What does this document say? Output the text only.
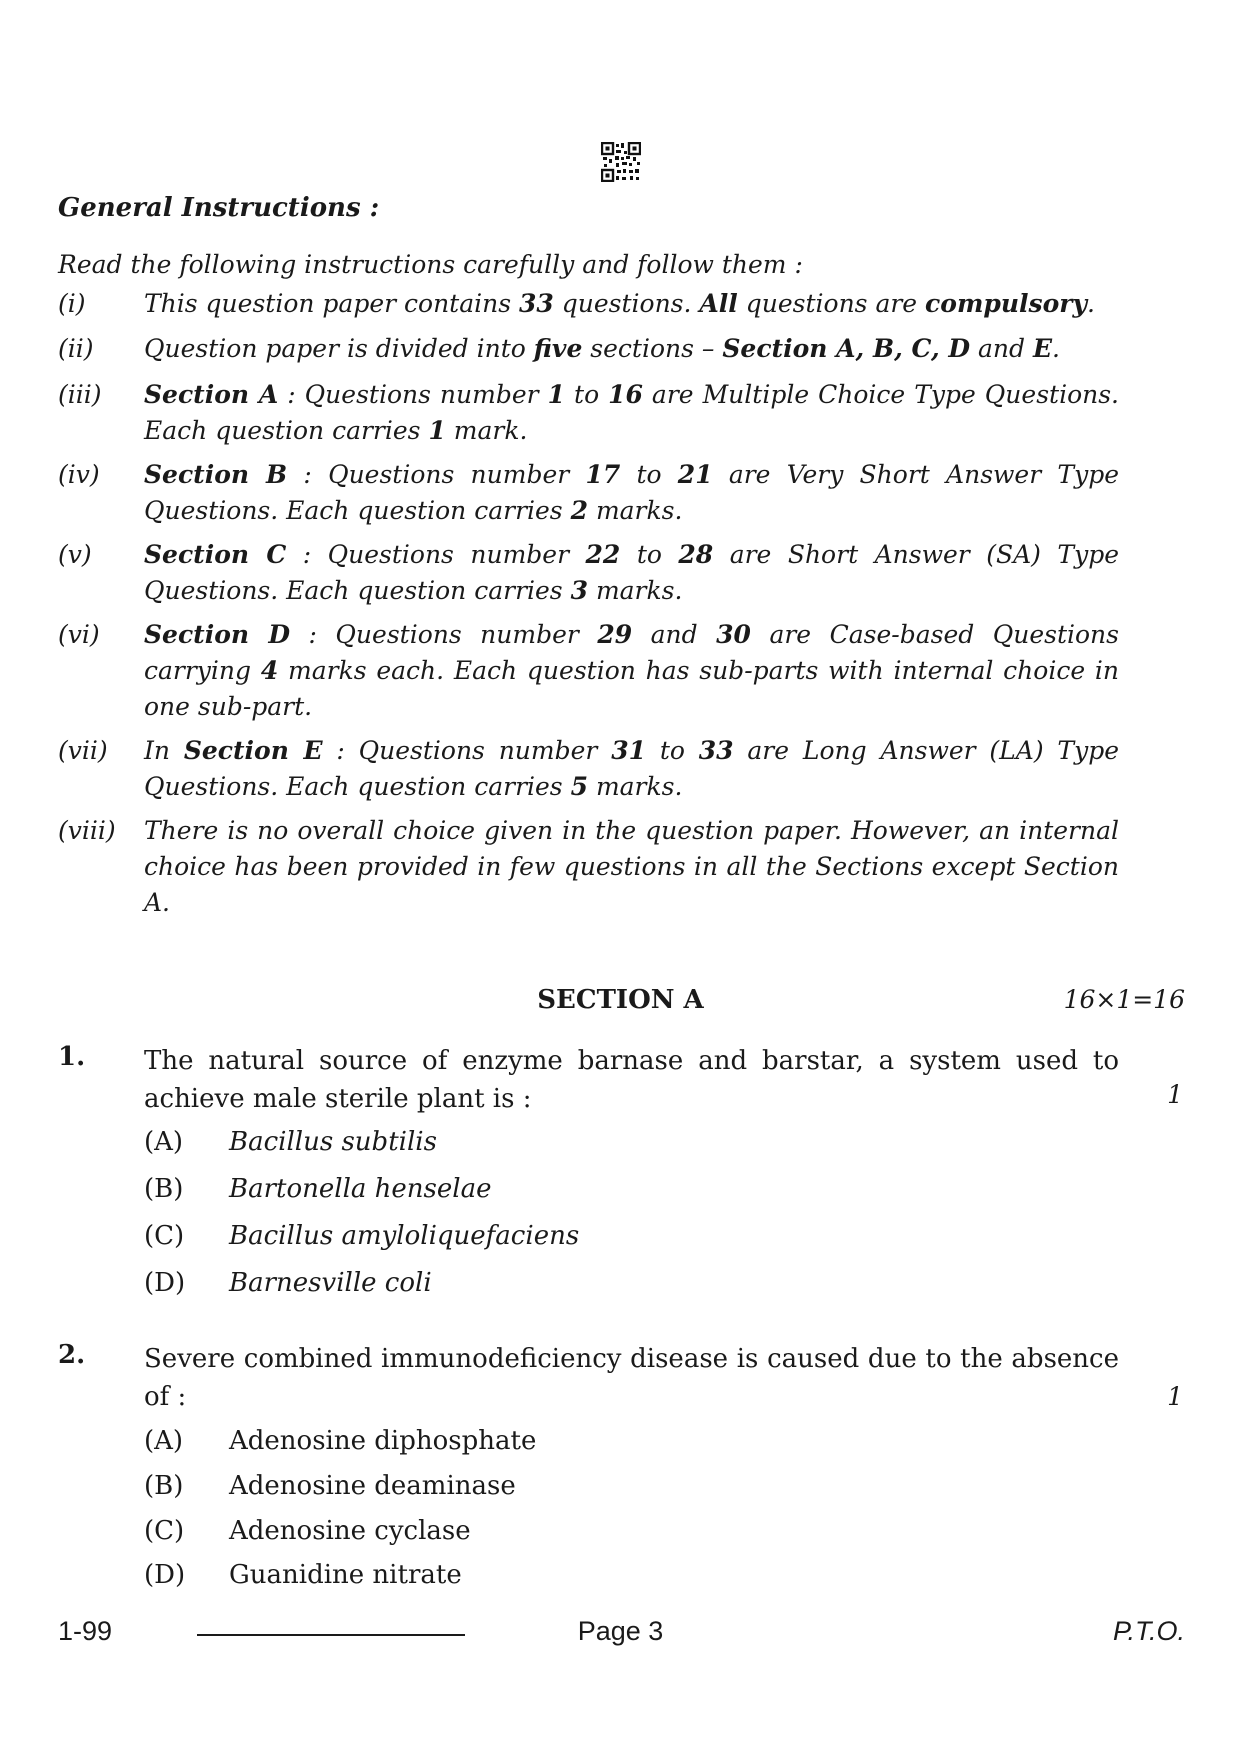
General Instructions :
Read the following instructions carefully and follow them :
(i) This question paper contains 33 questions. All questions are compulsory.
(ii) Question paper is divided into five sections – Section A, B, C, D and E.
(iii) Section A : Questions number 1 to 16 are Multiple Choice Type Questions. Each question carries 1 mark.
(iv) Section B : Questions number 17 to 21 are Very Short Answer Type Questions. Each question carries 2 marks.
(v) Section C : Questions number 22 to 28 are Short Answer (SA) Type Questions. Each question carries 3 marks.
(vi) Section D : Questions number 29 and 30 are Case-based Questions carrying 4 marks each. Each question has sub-parts with internal choice in one sub-part.
(vii) In Section E : Questions number 31 to 33 are Long Answer (LA) Type Questions. Each question carries 5 marks.
(viii) There is no overall choice given in the question paper. However, an internal choice has been provided in few questions in all the Sections except Section A.
SECTION A	16×1=16
1. The natural source of enzyme barnase and barstar, a system used to
achieve male sterile plant is :	1
(A) Bacillus subtilis
(B) Bartonella henselae
(C) Bacillus amyloliquefaciens
(D) Barnesville coli
2. Severe combined immunodeficiency disease is caused due to the absence
of :	1
(A) Adenosine diphosphate
(B) Adenosine deaminase
(C) Adenosine cyclase
(D) Guanidine nitrate
1-99	Page 3	P.T.O.
